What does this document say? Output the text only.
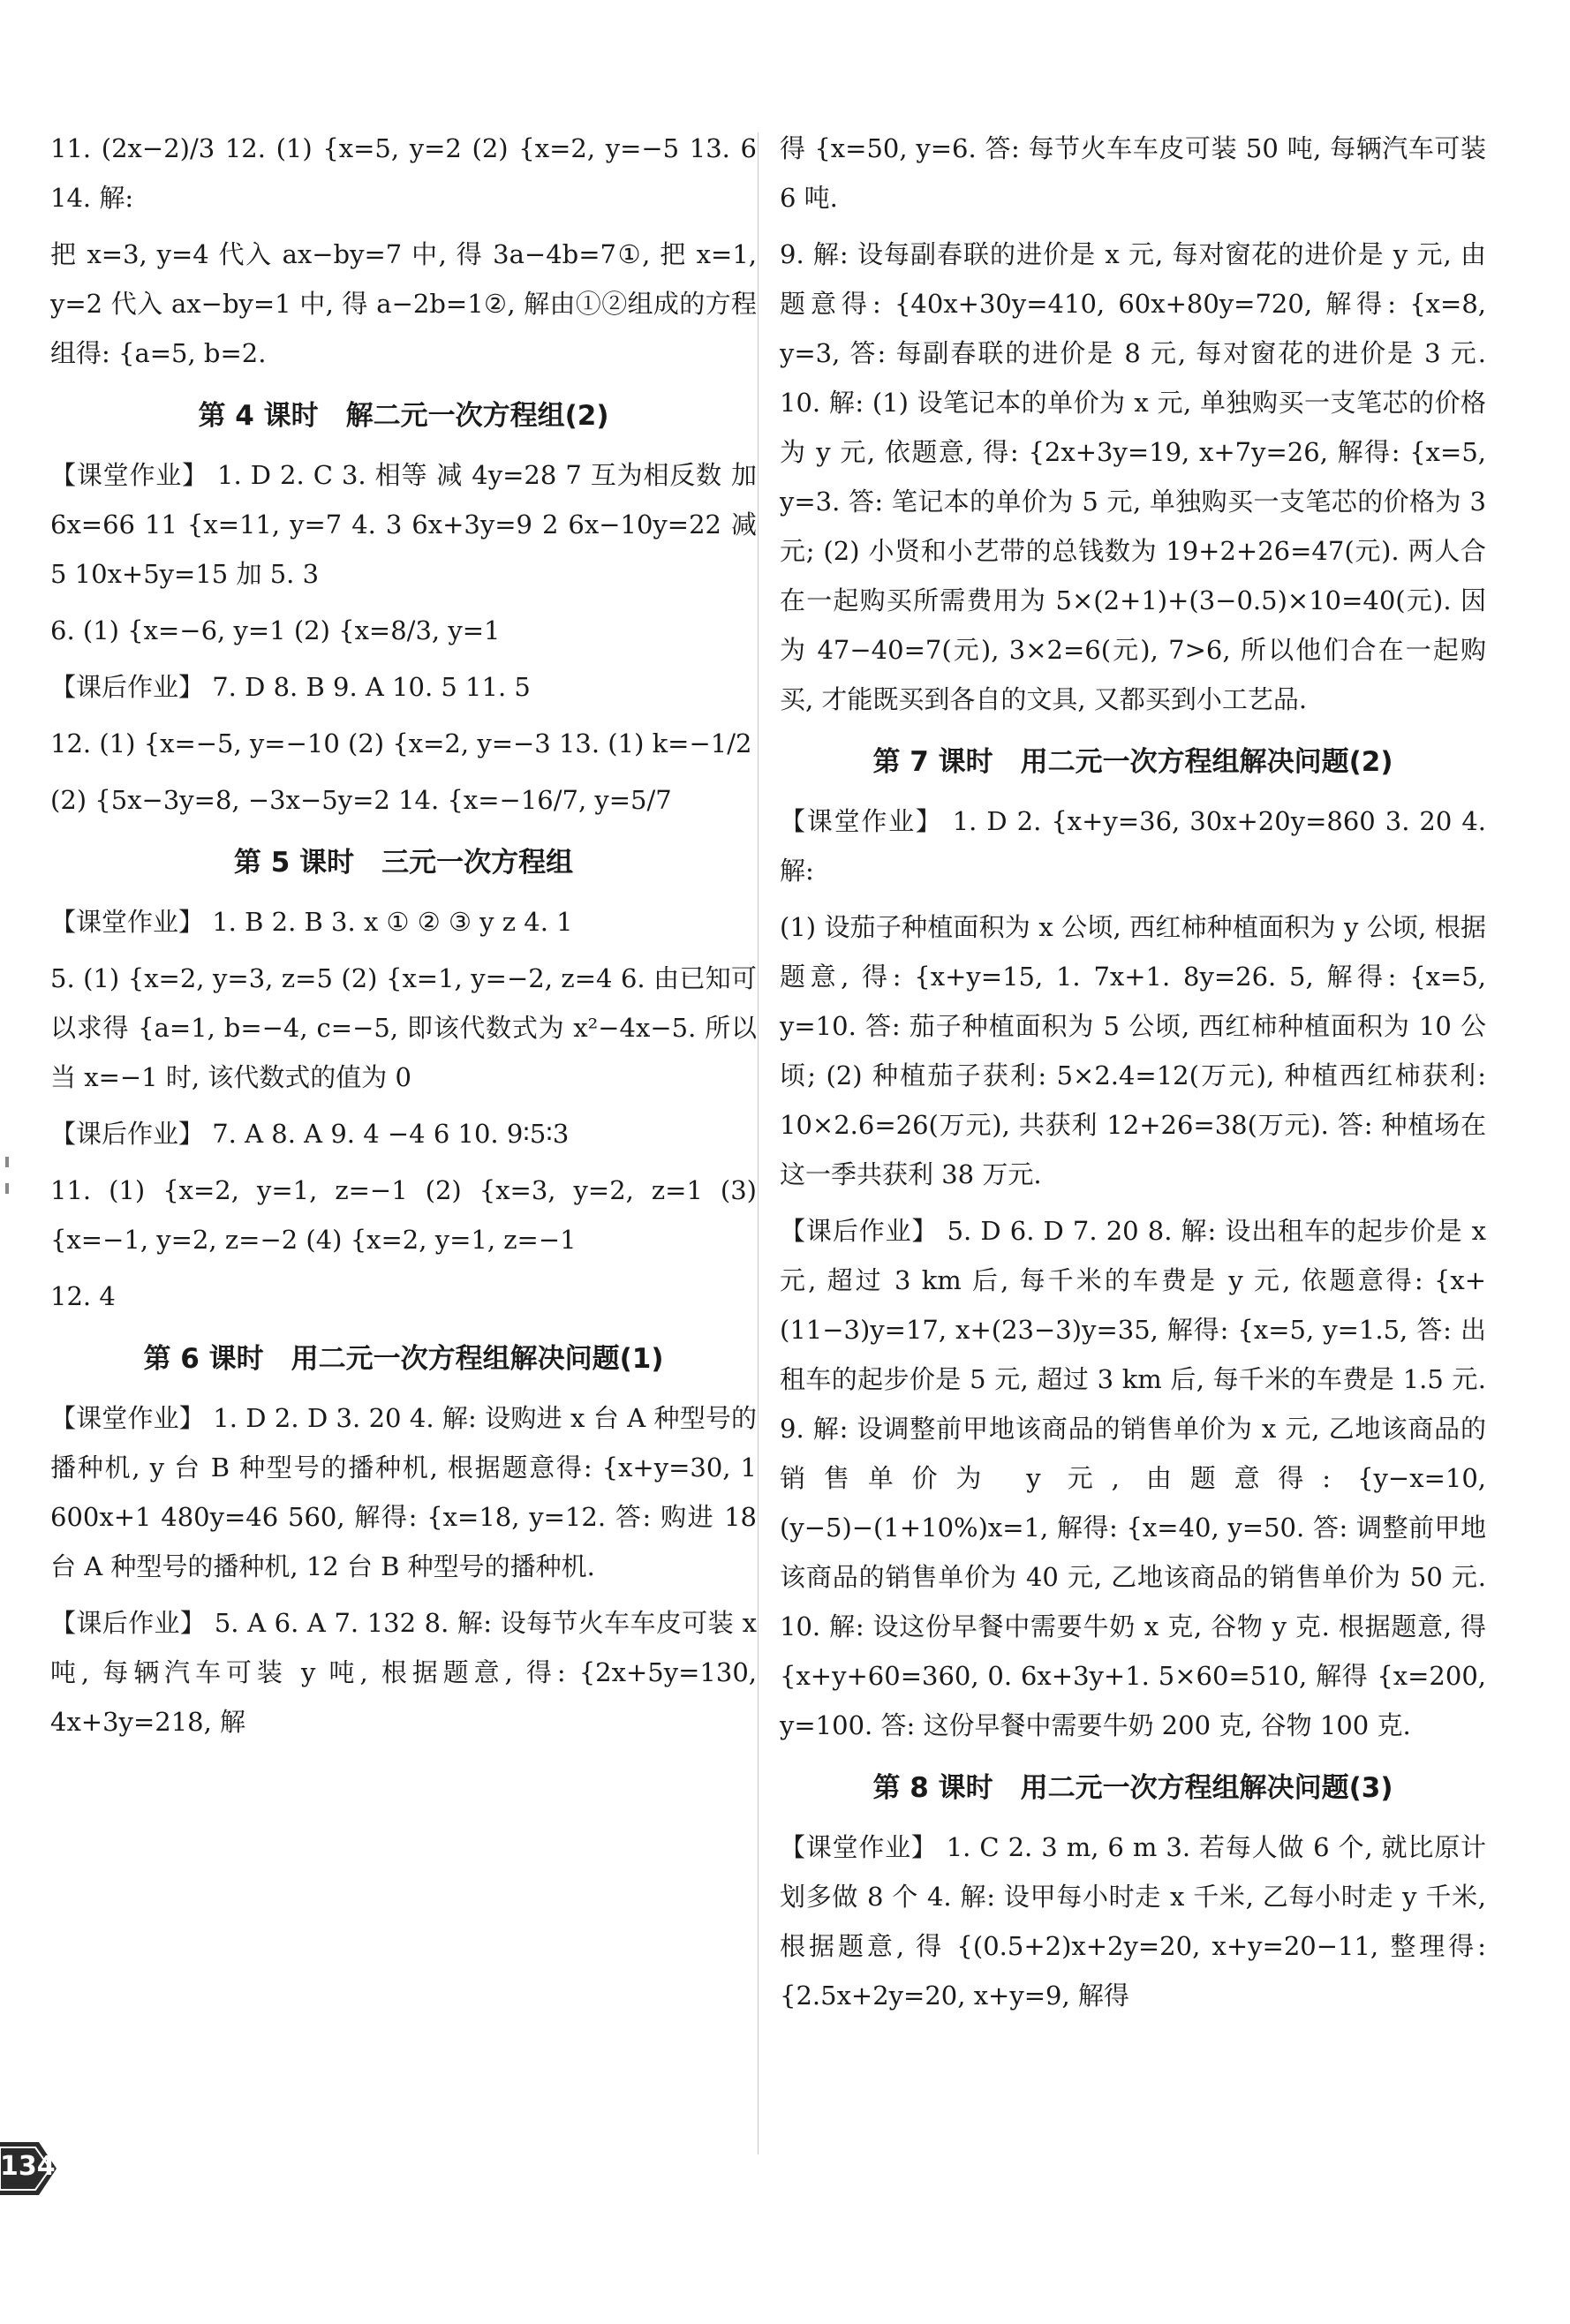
11. (2x−2)/3 12. (1) {x=5, y=2 (2) {x=2, y=−5 13. 6 14. 解:

把 x=3, y=4 代入 ax−by=7 中, 得 3a−4b=7①, 把 x=1, y=2 代入 ax−by=1 中, 得 a−2b=1②, 解由①②组成的方程组得: {a=5, b=2.

第 4 课时　解二元一次方程组(2)

【课堂作业】 1. D 2. C 3. 相等 减 4y=28 7 互为相反数 加 6x=66 11 {x=11, y=7 4. 3 6x+3y=9 2 6x−10y=22 减 5 10x+5y=15 加 5. 3

6. (1) {x=−6, y=1 (2) {x=8/3, y=1

【课后作业】 7. D 8. B 9. A 10. 5 11. 5

12. (1) {x=−5, y=−10 (2) {x=2, y=−3 13. (1) k=−1/2

(2) {5x−3y=8, −3x−5y=2 14. {x=−16/7, y=5/7

第 5 课时　三元一次方程组

【课堂作业】 1. B 2. B 3. x ① ② ③ y z 4. 1

5. (1) {x=2, y=3, z=5 (2) {x=1, y=−2, z=4 6. 由已知可以求得 {a=1, b=−4, c=−5, 即该代数式为 x²−4x−5. 所以当 x=−1 时, 该代数式的值为 0

【课后作业】 7. A 8. A 9. 4 −4 6 10. 9∶5∶3

11. (1) {x=2, y=1, z=−1 (2) {x=3, y=2, z=1 (3) {x=−1, y=2, z=−2 (4) {x=2, y=1, z=−1

12. 4

第 6 课时　用二元一次方程组解决问题(1)

【课堂作业】 1. D 2. D 3. 20 4. 解: 设购进 x 台 A 种型号的播种机, y 台 B 种型号的播种机, 根据题意得: {x+y=30, 1 600x+1 480y=46 560, 解得: {x=18, y=12. 答: 购进 18 台 A 种型号的播种机, 12 台 B 种型号的播种机.

【课后作业】 5. A 6. A 7. 132 8. 解: 设每节火车车皮可装 x 吨, 每辆汽车可装 y 吨, 根据题意, 得: {2x+5y=130, 4x+3y=218, 解

得 {x=50, y=6. 答: 每节火车车皮可装 50 吨, 每辆汽车可装 6 吨.

9. 解: 设每副春联的进价是 x 元, 每对窗花的进价是 y 元, 由题意得: {40x+30y=410, 60x+80y=720, 解得: {x=8, y=3, 答: 每副春联的进价是 8 元, 每对窗花的进价是 3 元. 10. 解: (1) 设笔记本的单价为 x 元, 单独购买一支笔芯的价格为 y 元, 依题意, 得: {2x+3y=19, x+7y=26, 解得: {x=5, y=3. 答: 笔记本的单价为 5 元, 单独购买一支笔芯的价格为 3 元; (2) 小贤和小艺带的总钱数为 19+2+26=47(元). 两人合在一起购买所需费用为 5×(2+1)+(3−0.5)×10=40(元). 因为 47−40=7(元), 3×2=6(元), 7>6, 所以他们合在一起购买, 才能既买到各自的文具, 又都买到小工艺品.

第 7 课时　用二元一次方程组解决问题(2)

【课堂作业】 1. D 2. {x+y=36, 30x+20y=860 3. 20 4. 解:

(1) 设茄子种植面积为 x 公顷, 西红柿种植面积为 y 公顷, 根据题意, 得: {x+y=15, 1. 7x+1. 8y=26. 5, 解得: {x=5, y=10. 答: 茄子种植面积为 5 公顷, 西红柿种植面积为 10 公顷; (2) 种植茄子获利: 5×2.4=12(万元), 种植西红柿获利: 10×2.6=26(万元), 共获利 12+26=38(万元). 答: 种植场在这一季共获利 38 万元.

【课后作业】 5. D 6. D 7. 20 8. 解: 设出租车的起步价是 x 元, 超过 3 km 后, 每千米的车费是 y 元, 依题意得: {x+(11−3)y=17, x+(23−3)y=35, 解得: {x=5, y=1.5, 答: 出租车的起步价是 5 元, 超过 3 km 后, 每千米的车费是 1.5 元. 9. 解: 设调整前甲地该商品的销售单价为 x 元, 乙地该商品的销售单价为 y 元, 由题意得: {y−x=10, (y−5)−(1+10%)x=1, 解得: {x=40, y=50. 答: 调整前甲地该商品的销售单价为 40 元, 乙地该商品的销售单价为 50 元. 10. 解: 设这份早餐中需要牛奶 x 克, 谷物 y 克. 根据题意, 得 {x+y+60=360, 0. 6x+3y+1. 5×60=510, 解得 {x=200, y=100. 答: 这份早餐中需要牛奶 200 克, 谷物 100 克.

第 8 课时　用二元一次方程组解决问题(3)

【课堂作业】 1. C 2. 3 m, 6 m 3. 若每人做 6 个, 就比原计划多做 8 个 4. 解: 设甲每小时走 x 千米, 乙每小时走 y 千米, 根据题意, 得 {(0.5+2)x+2y=20, x+y=20−11, 整理得: {2.5x+2y=20, x+y=9, 解得

134
